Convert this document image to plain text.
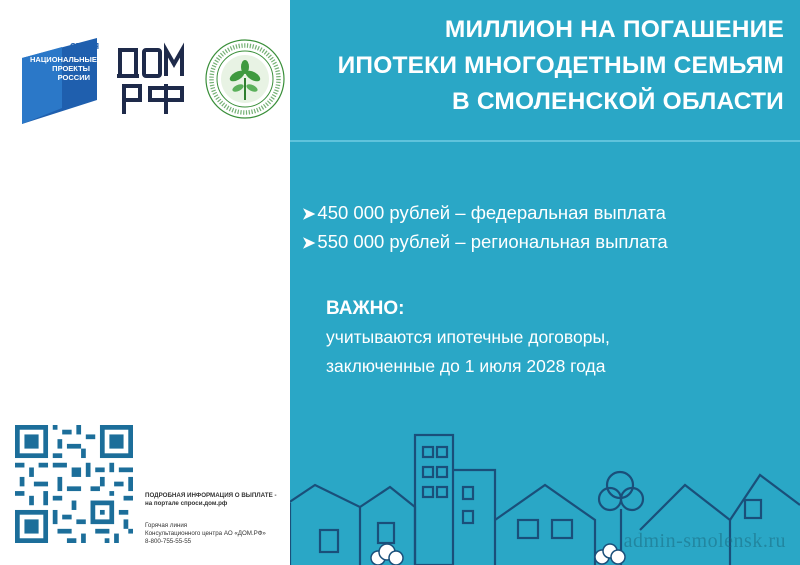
СЕМЬЯ
НАЦИОНАЛЬНЫЕ
ПРОЕКТЫ
РОССИИ
ПОДРОБНАЯ ИНФОРМАЦИЯ О ВЫПЛАТЕ -
на портале спроси.дом.рф
Горячая линия
Консультационного центра АО «ДОМ.РФ»
8-800-755-55-55
МИЛЛИОН НА ПОГАШЕНИЕ
ИПОТЕКИ МНОГОДЕТНЫМ СЕМЬЯМ
В СМОЛЕНСКОЙ ОБЛАСТИ
➤ 450 000 рублей – федеральная выплата
➤ 550 000 рублей – региональная выплата
ВАЖНО:
учитываются ипотечные договоры,
заключенные до 1 июля 2028 года
admin-smolensk.ru
